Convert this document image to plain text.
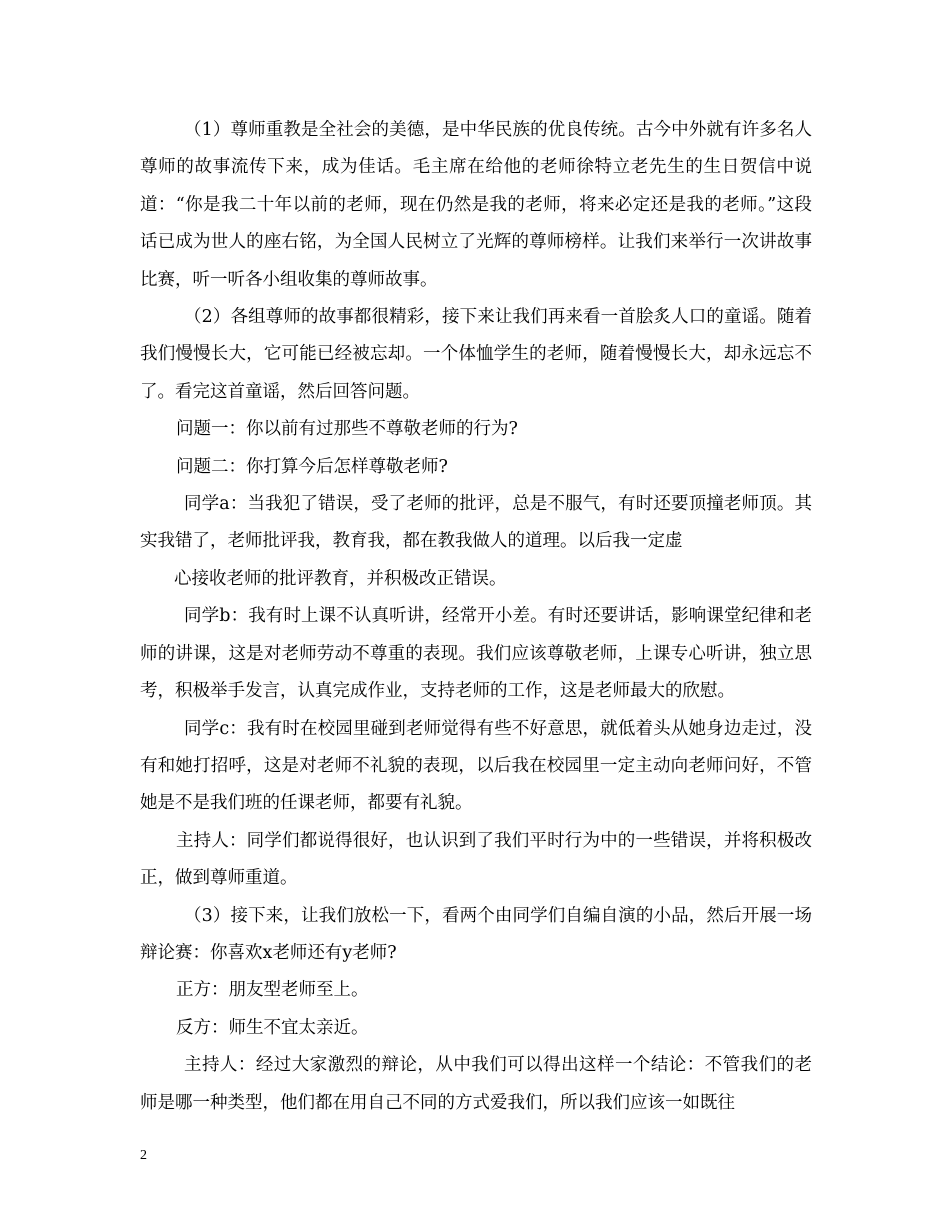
（1）尊师重教是全社会的美德，是中华民族的优良传统。古今中外就有许多名人尊师的故事流传下来，成为佳话。毛主席在给他的老师徐特立老先生的生日贺信中说道：“你是我二十年以前的老师，现在仍然是我的老师，将来必定还是我的老师。”这段话已成为世人的座右铭，为全国人民树立了光辉的尊师榜样。让我们来举行一次讲故事比赛，听一听各小组收集的尊师故事。

（2）各组尊师的故事都很精彩，接下来让我们再来看一首脍炙人口的童谣。随着我们慢慢长大，它可能已经被忘却。一个体恤学生的老师，随着慢慢长大，却永远忘不了。看完这首童谣，然后回答问题。

问题一：你以前有过那些不尊敬老师的行为?

问题二：你打算今后怎样尊敬老师?

同学a：当我犯了错误，受了老师的批评，总是不服气，有时还要顶撞老师顶。其实我错了，老师批评我，教育我，都在教我做人的道理。以后我一定虚

心接收老师的批评教育，并积极改正错误。

同学b：我有时上课不认真听讲，经常开小差。有时还要讲话，影响课堂纪律和老师的讲课，这是对老师劳动不尊重的表现。我们应该尊敬老师，上课专心听讲，独立思考，积极举手发言，认真完成作业，支持老师的工作，这是老师最大的欣慰。

同学c：我有时在校园里碰到老师觉得有些不好意思，就低着头从她身边走过，没有和她打招呼，这是对老师不礼貌的表现，以后我在校园里一定主动向老师问好，不管她是不是我们班的任课老师，都要有礼貌。

主持人：同学们都说得很好，也认识到了我们平时行为中的一些错误，并将积极改正，做到尊师重道。

（3）接下来，让我们放松一下，看两个由同学们自编自演的小品，然后开展一场辩论赛：你喜欢x老师还有y老师?

正方：朋友型老师至上。

反方：师生不宜太亲近。

主持人：经过大家激烈的辩论，从中我们可以得出这样一个结论：不管我们的老师是哪一种类型，他们都在用自己不同的方式爱我们，所以我们应该一如既往

2
